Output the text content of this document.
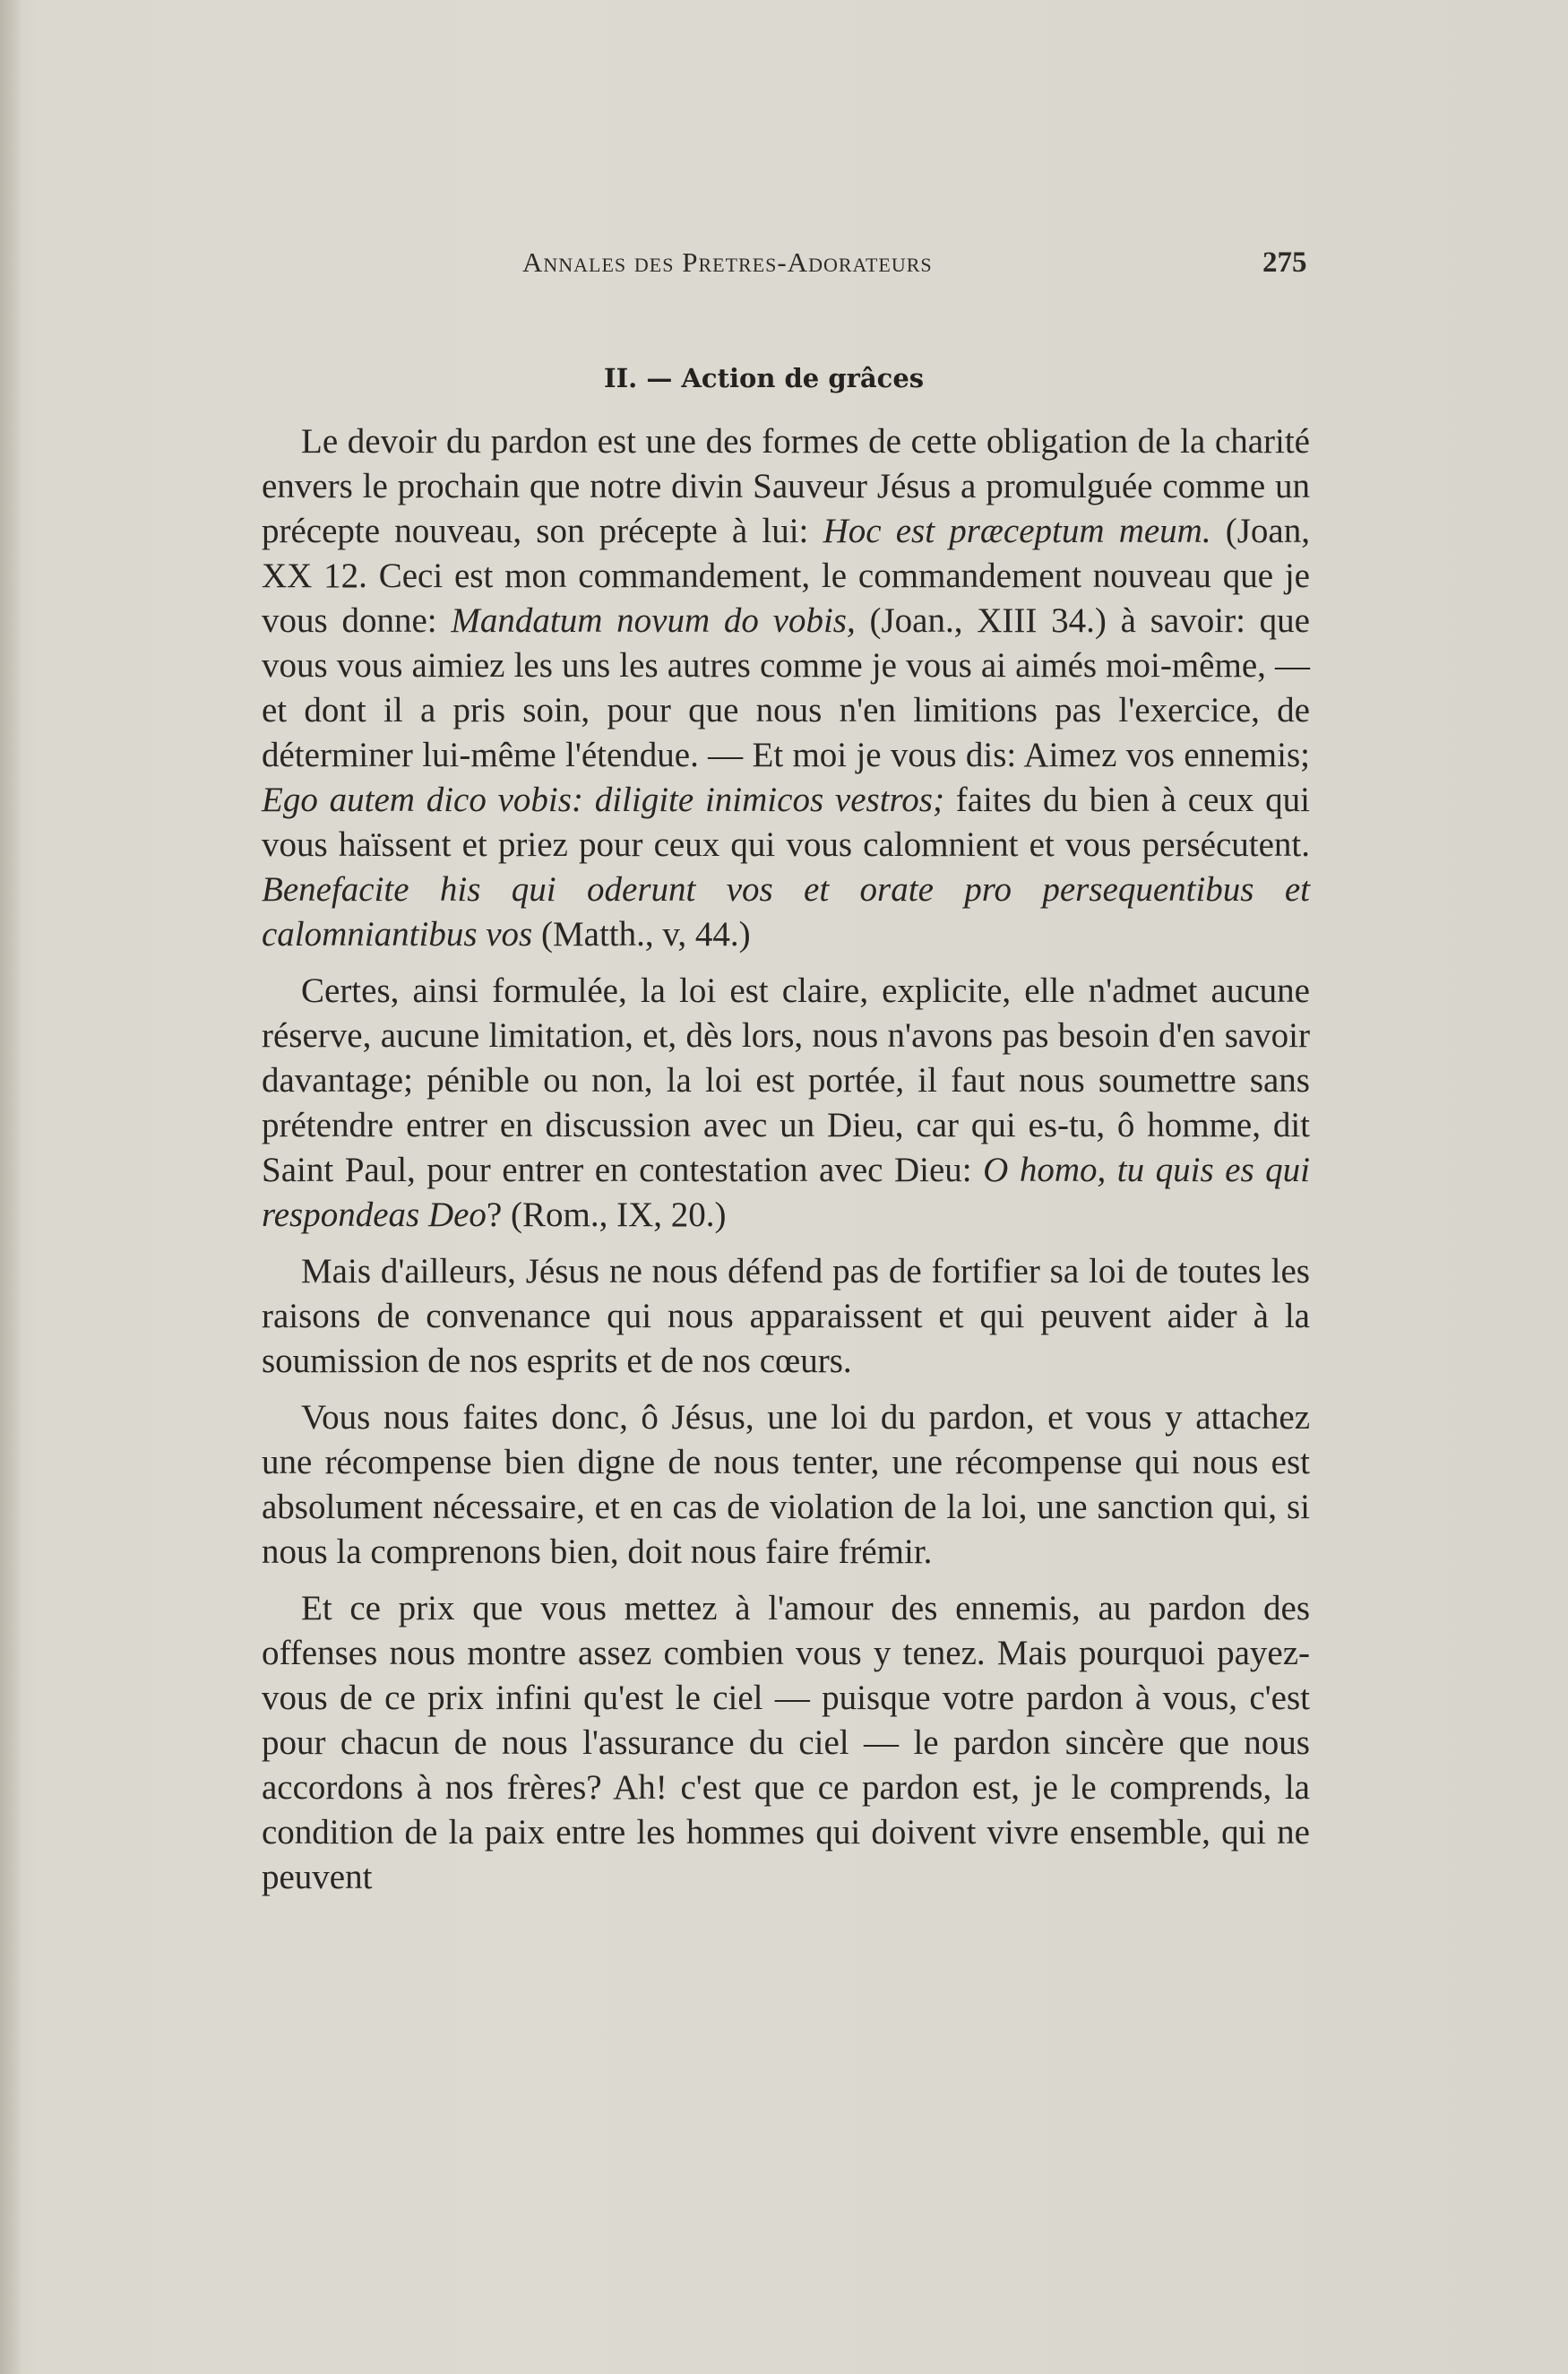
Annales des Pretres-Adorateurs	275
II. — Action de grâces

Le devoir du pardon est une des formes de cette obligation de la charité envers le prochain que notre divin Sauveur Jésus a promulguée comme un précepte nouveau, son précepte à lui: Hoc est præceptum meum. (Joan, XX 12. Ceci est mon commandement, le commandement nouveau que je vous donne: Mandatum novum do vobis, (Joan., XIII 34.) à savoir: que vous vous aimiez les uns les autres comme je vous ai aimés moi-même, — et dont il a pris soin, pour que nous n'en limitions pas l'exercice, de déterminer lui-même l'étendue. — Et moi je vous dis: Aimez vos ennemis; Ego autem dico vobis: diligite inimicos vestros; faites du bien à ceux qui vous haïssent et priez pour ceux qui vous calomnient et vous persécutent. Benefacite his qui oderunt vos et orate pro persequentibus et calomniantibus vos (Matth., v, 44.)

Certes, ainsi formulée, la loi est claire, explicite, elle n'admet aucune réserve, aucune limitation, et, dès lors, nous n'avons pas besoin d'en savoir davantage; pénible ou non, la loi est portée, il faut nous soumettre sans prétendre entrer en discussion avec un Dieu, car qui es-tu, ô homme, dit Saint Paul, pour entrer en contestation avec Dieu: O homo, tu quis es qui respondeas Deo? (Rom., IX, 20.)

Mais d'ailleurs, Jésus ne nous défend pas de fortifier sa loi de toutes les raisons de convenance qui nous apparaissent et qui peuvent aider à la soumission de nos esprits et de nos cœurs.

Vous nous faites donc, ô Jésus, une loi du pardon, et vous y attachez une récompense bien digne de nous tenter, une récompense qui nous est absolument nécessaire, et en cas de violation de la loi, une sanction qui, si nous la comprenons bien, doit nous faire frémir.

Et ce prix que vous mettez à l'amour des ennemis, au pardon des offenses nous montre assez combien vous y tenez. Mais pourquoi payez-vous de ce prix infini qu'est le ciel — puisque votre pardon à vous, c'est pour chacun de nous l'assurance du ciel — le pardon sincère que nous accordons à nos frères? Ah! c'est que ce pardon est, je le comprends, la condition de la paix entre les hommes qui doivent vivre ensemble, qui ne peuvent
